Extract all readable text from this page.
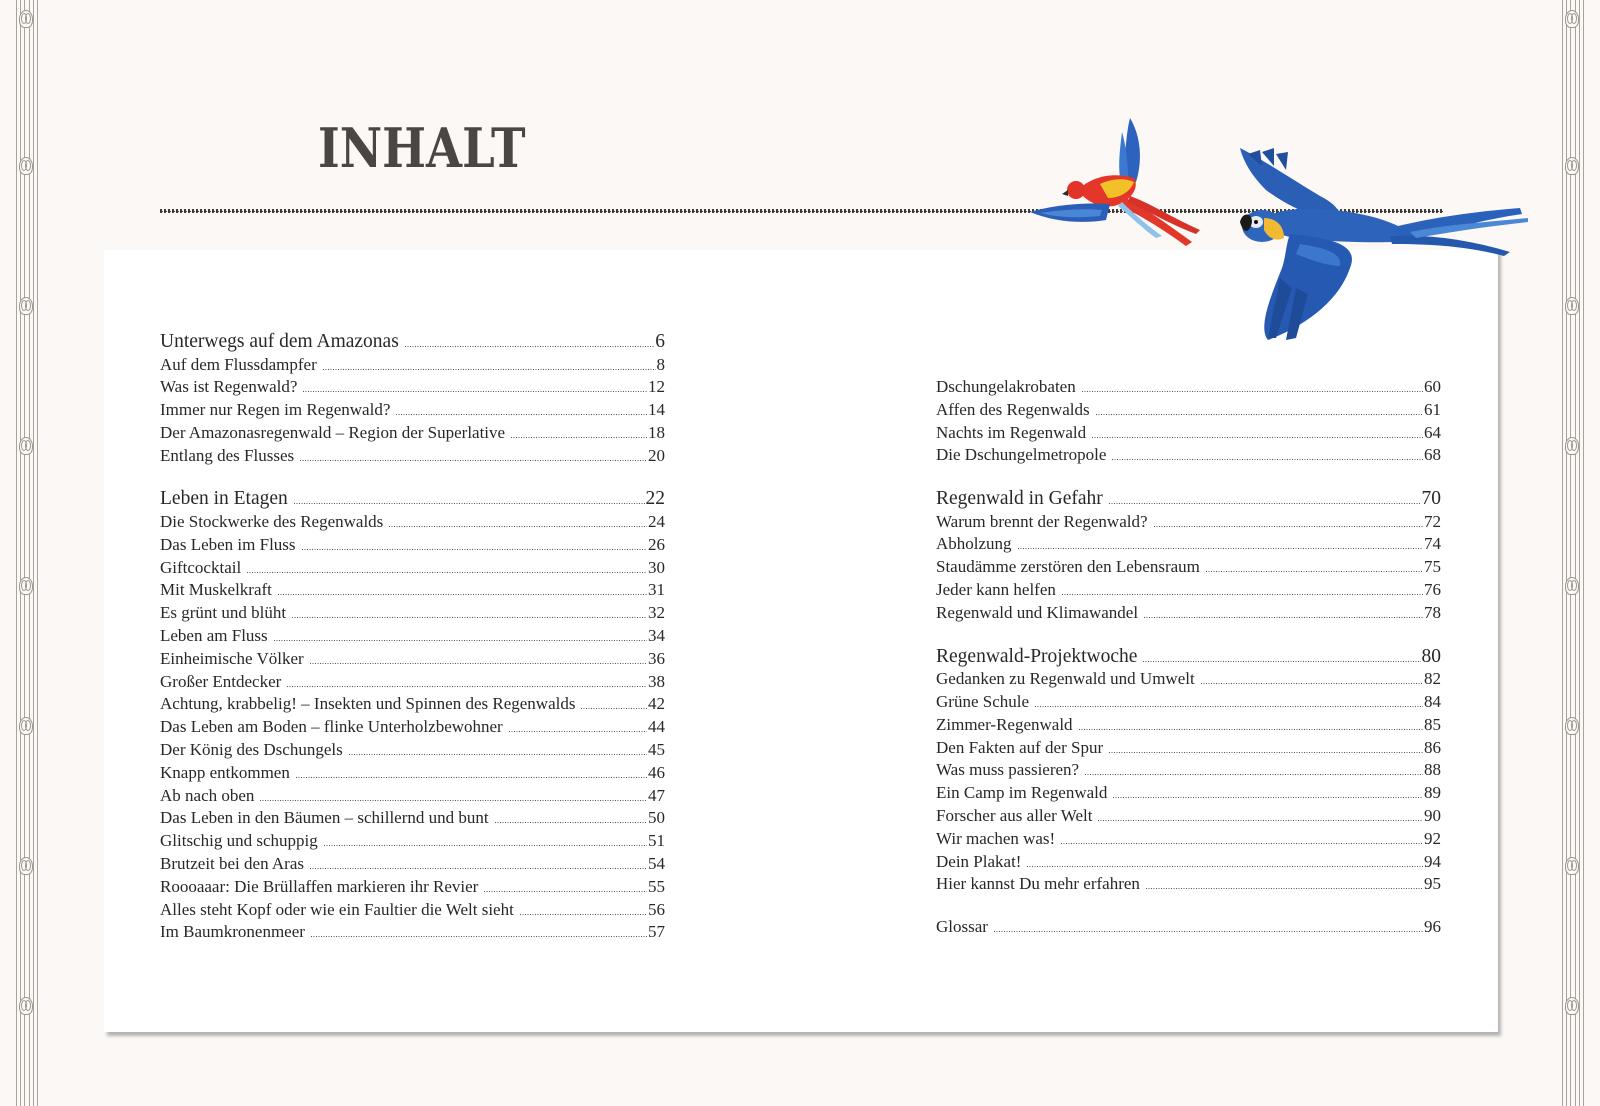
INHALT
Unterwegs auf dem Amazonas	6
Auf dem Flussdampfer	8
Was ist Regenwald?	12
Immer nur Regen im Regenwald?	14
Der Amazonasregenwald – Region der Superlative	18
Entlang des Flusses	20
Leben in Etagen	22
Die Stockwerke des Regenwalds	24
Das Leben im Fluss	26
Giftcocktail	30
Mit Muskelkraft	31
Es grünt und blüht	32
Leben am Fluss	34
Einheimische Völker	36
Großer Entdecker	38
Achtung, krabbelig! – Insekten und Spinnen des Regenwalds	42
Das Leben am Boden – flinke Unterholzbewohner	44
Der König des Dschungels	45
Knapp entkommen	46
Ab nach oben	47
Das Leben in den Bäumen – schillernd und bunt	50
Glitschig und schuppig	51
Brutzeit bei den Aras	54
Roooaaar: Die Brüllaffen markieren ihr Revier	55
Alles steht Kopf oder wie ein Faultier die Welt sieht	56
Im Baumkronenmeer	57
Dschungelakrobaten	60
Affen des Regenwalds	61
Nachts im Regenwald	64
Die Dschungelmetropole	68
Regenwald in Gefahr	70
Warum brennt der Regenwald?	72
Abholzung	74
Staudämme zerstören den Lebensraum	75
Jeder kann helfen	76
Regenwald und Klimawandel	78
Regenwald-Projektwoche	80
Gedanken zu Regenwald und Umwelt	82
Grüne Schule	84
Zimmer-Regenwald	85
Den Fakten auf der Spur	86
Was muss passieren?	88
Ein Camp im Regenwald	89
Forscher aus aller Welt	90
Wir machen was!	92
Dein Plakat!	94
Hier kannst Du mehr erfahren	95
Glossar	96
